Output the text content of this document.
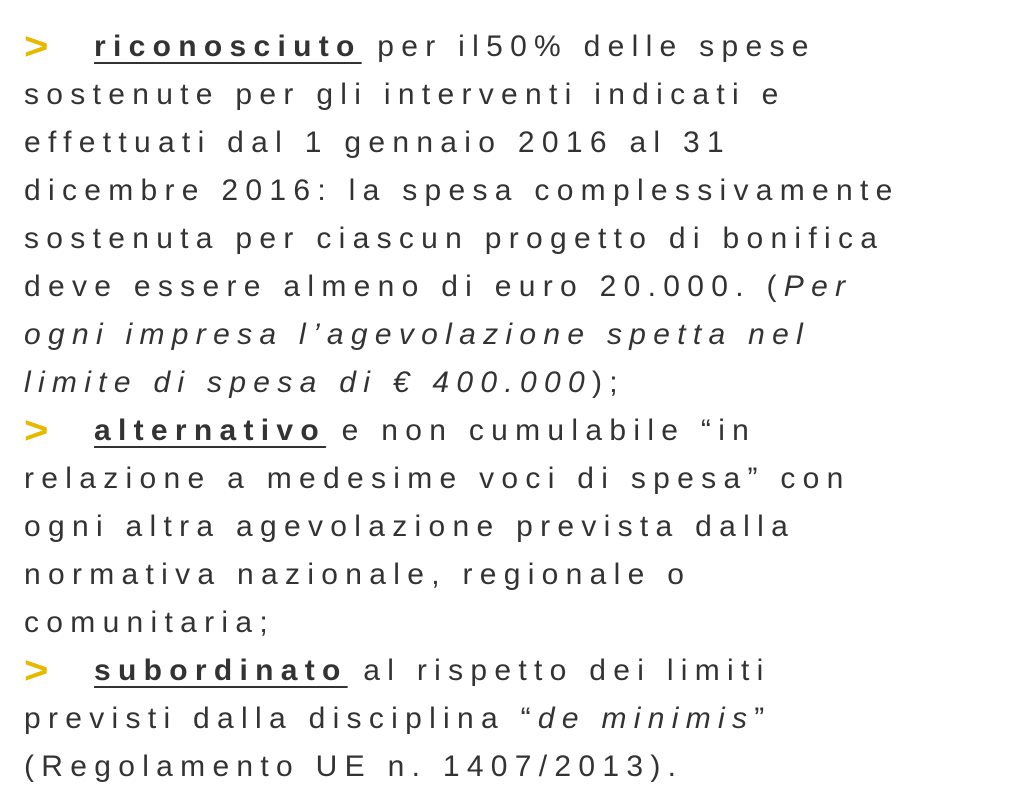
> riconosciuto per il50% delle spese
sostenute per gli interventi indicati e
effettuati dal 1 gennaio 2016 al 31
dicembre 2016: la spesa complessivamente
sostenuta per ciascun progetto di bonifica
deve essere almeno di euro 20.000. (Per
ogni impresa l’agevolazione spetta nel
limite di spesa di € 400.000);
> alternativo e non cumulabile “in
relazione a medesime voci di spesa” con
ogni altra agevolazione prevista dalla
normativa nazionale, regionale o
comunitaria;
> subordinato al rispetto dei limiti
previsti dalla disciplina “de minimis”
(Regolamento UE n. 1407/2013).
